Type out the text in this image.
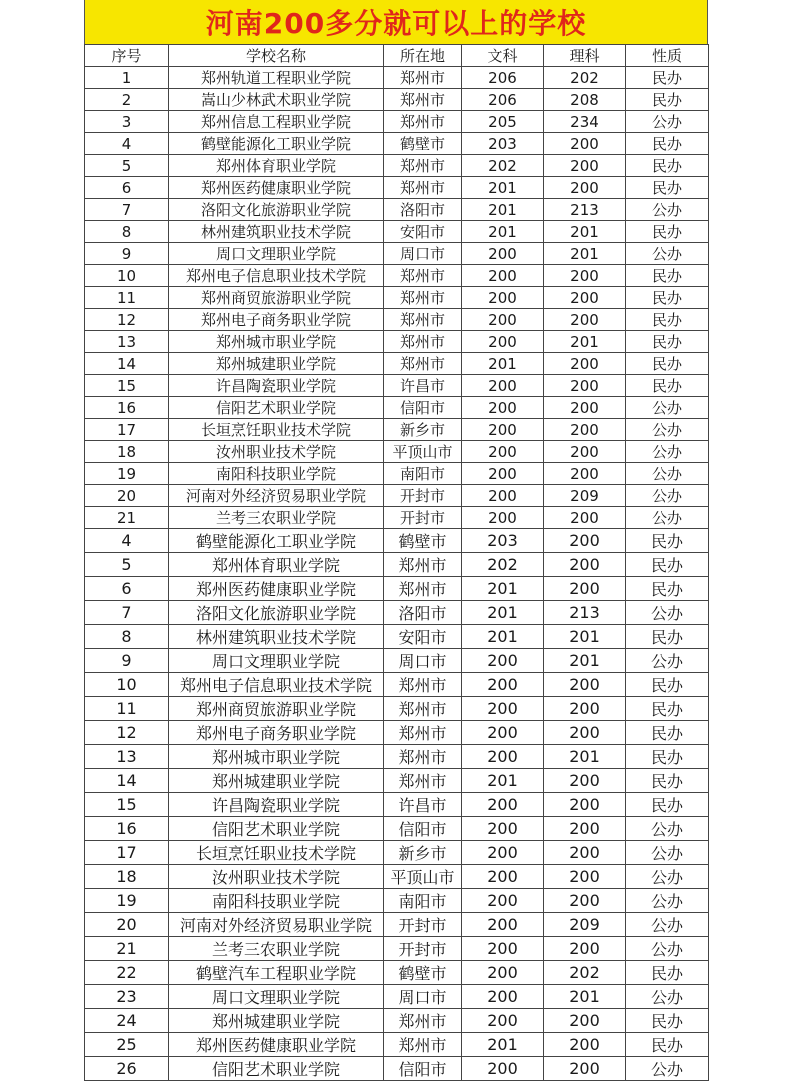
河南200多分就可以上的学校
序号	学校名称	所在地	文科	理科	性质
1	郑州轨道工程职业学院	郑州市	206	202	民办
2	嵩山少林武术职业学院	郑州市	206	208	民办
3	郑州信息工程职业学院	郑州市	205	234	公办
4	鹤壁能源化工职业学院	鹤壁市	203	200	民办
5	郑州体育职业学院	郑州市	202	200	民办
6	郑州医药健康职业学院	郑州市	201	200	民办
7	洛阳文化旅游职业学院	洛阳市	201	213	公办
8	林州建筑职业技术学院	安阳市	201	201	民办
9	周口文理职业学院	周口市	200	201	公办
10	郑州电子信息职业技术学院	郑州市	200	200	民办
11	郑州商贸旅游职业学院	郑州市	200	200	民办
12	郑州电子商务职业学院	郑州市	200	200	民办
13	郑州城市职业学院	郑州市	200	201	民办
14	郑州城建职业学院	郑州市	201	200	民办
15	许昌陶瓷职业学院	许昌市	200	200	民办
16	信阳艺术职业学院	信阳市	200	200	公办
17	长垣烹饪职业技术学院	新乡市	200	200	公办
18	汝州职业技术学院	平顶山市	200	200	公办
19	南阳科技职业学院	南阳市	200	200	公办
20	河南对外经济贸易职业学院	开封市	200	209	公办
21	兰考三农职业学院	开封市	200	200	公办
4	鹤壁能源化工职业学院	鹤壁市	203	200	民办
5	郑州体育职业学院	郑州市	202	200	民办
6	郑州医药健康职业学院	郑州市	201	200	民办
7	洛阳文化旅游职业学院	洛阳市	201	213	公办
8	林州建筑职业技术学院	安阳市	201	201	民办
9	周口文理职业学院	周口市	200	201	公办
10	郑州电子信息职业技术学院	郑州市	200	200	民办
11	郑州商贸旅游职业学院	郑州市	200	200	民办
12	郑州电子商务职业学院	郑州市	200	200	民办
13	郑州城市职业学院	郑州市	200	201	民办
14	郑州城建职业学院	郑州市	201	200	民办
15	许昌陶瓷职业学院	许昌市	200	200	民办
16	信阳艺术职业学院	信阳市	200	200	公办
17	长垣烹饪职业技术学院	新乡市	200	200	公办
18	汝州职业技术学院	平顶山市	200	200	公办
19	南阳科技职业学院	南阳市	200	200	公办
20	河南对外经济贸易职业学院	开封市	200	209	公办
21	兰考三农职业学院	开封市	200	200	公办
22	鹤壁汽车工程职业学院	鹤壁市	200	202	民办
23	周口文理职业学院	周口市	200	201	公办
24	郑州城建职业学院	郑州市	200	200	民办
25	郑州医药健康职业学院	郑州市	201	200	民办
26	信阳艺术职业学院	信阳市	200	200	公办
